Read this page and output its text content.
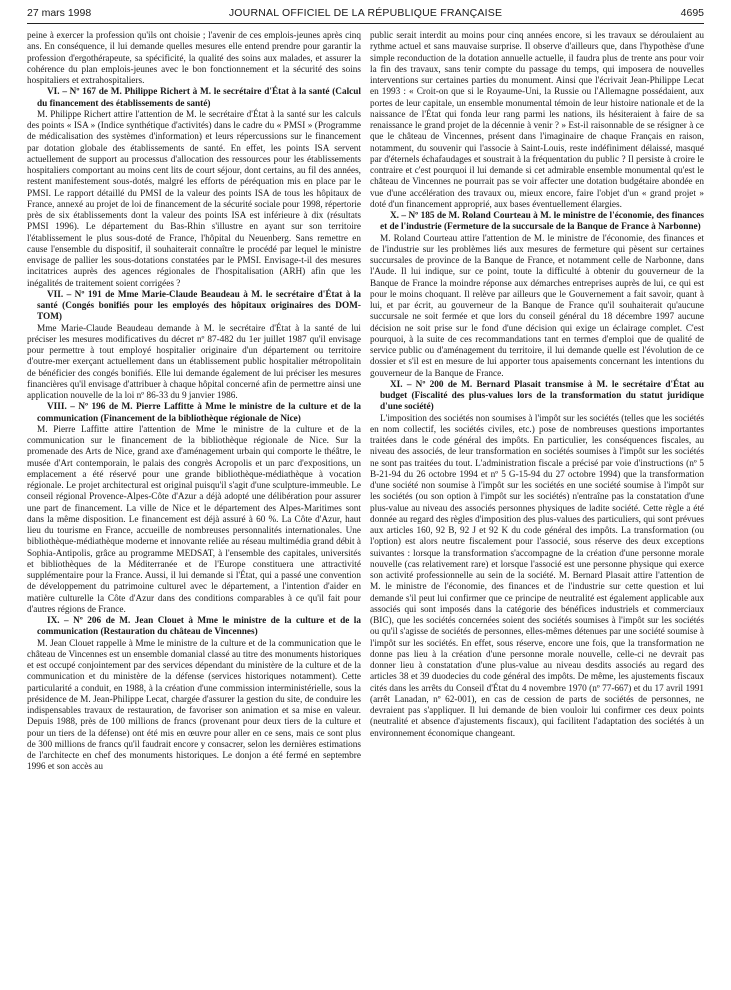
27 mars 1998	JOURNAL OFFICIEL DE LA RÉPUBLIQUE FRANÇAISE	4695

peine à exercer la profession qu'ils ont choisie ; l'avenir de ces emplois-jeunes après cinq ans. En conséquence, il lui demande quelles mesures elle entend prendre pour garantir la profession d'ergothérapeute, sa spécificité, la qualité des soins aux malades, et assurer la cohérence du plan emplois-jeunes avec le bon fonctionnement et la sécurité des soins hospitaliers et extrahospitaliers.

VI. – Nº 167 de M. Philippe Richert à M. le secrétaire d'État à la santé (Calcul du financement des établissements de santé)

M. Philippe Richert attire l'attention de M. le secrétaire d'État à la santé sur les calculs des points « ISA » (Indice synthétique d'activités) dans le cadre du « PMSI » (Programme de médicalisation des systèmes d'information) et leurs répercussions sur le financement par dotation globale des établissements de santé. En effet, les points ISA servent actuellement de support au processus d'allocation des ressources pour les établissements hospitaliers comportant au moins cent lits de court séjour, dont certains, au fil des années, restent manifestement sous-dotés, malgré les efforts de péréquation mis en place par le PMSI. Le rapport détaillé du PMSI de la valeur des points ISA de tous les hôpitaux de France, annexé au projet de loi de financement de la sécurité sociale pour 1998, répertorie près de six établissements dont la valeur des points ISA est inférieure à dix (résultats PMSI 1996). Le département du Bas-Rhin s'illustre en ayant sur son territoire l'établissement le plus sous-doté de France, l'hôpital du Neuenberg. Sans remettre en cause l'ensemble du dispositif, il souhaiterait connaître le procédé par lequel le ministre envisage de pallier les sous-dotations constatées par le PMSI. Envisage-t-il des mesures incitatrices auprès des agences régionales de l'hospitalisation (ARH) afin que les inégalités de traitement soient corrigées ?

VII. – Nº 191 de Mme Marie-Claude Beaudeau à M. le secrétaire d'État à la santé (Congés bonifiés pour les employés des hôpitaux originaires des DOM-TOM)

Mme Marie-Claude Beaudeau demande à M. le secrétaire d'État à la santé de lui préciser les mesures modificatives du décret nº 87-482 du 1er juillet 1987 qu'il envisage pour permettre à tout employé hospitalier originaire d'un département ou territoire d'outre-mer exerçant actuellement dans un établissement public hospitalier métropolitain de bénéficier des congés bonifiés. Elle lui demande également de lui préciser les mesures financières qu'il envisage d'attribuer à chaque hôpital concerné afin de permettre ainsi une application nouvelle de la loi nº 86-33 du 9 janvier 1986.

VIII. – Nº 196 de M. Pierre Laffitte à Mme le ministre de la culture et de la communication (Financement de la bibliothèque régionale de Nice)

M. Pierre Laffitte attire l'attention de Mme le ministre de la culture et de la communication sur le financement de la bibliothèque régionale de Nice. Sur la promenade des Arts de Nice, grand axe d'aménagement urbain qui comporte le théâtre, le musée d'Art contemporain, le palais des congrès Acropolis et un parc d'expositions, un emplacement a été réservé pour une grande bibliothèque-médiathèque à vocation régionale. Le projet architectural est original puisqu'il s'agit d'une sculpture-immeuble. Le conseil régional Provence-Alpes-Côte d'Azur a déjà adopté une délibération pour assurer une part de financement. La ville de Nice et le département des Alpes-Maritimes sont dans la même disposition. Le financement est déjà assuré à 60 %. La Côte d'Azur, haut lieu du tourisme en France, accueille de nombreuses personnalités internationales. Une bibliothèque-médiathèque moderne et innovante reliée au réseau multimédia grand débit à Sophia-Antipolis, grâce au programme MEDSAT, à l'ensemble des capitales, universités et bibliothèques de la Méditerranée et de l'Europe constituera une attractivité supplémentaire pour la France. Aussi, il lui demande si l'État, qui a passé une convention de développement du patrimoine culturel avec le département, a l'intention d'aider en matière culturelle la Côte d'Azur dans des conditions comparables à ce qu'il fait pour d'autres régions de France.

IX. – Nº 206 de M. Jean Clouet à Mme le ministre de la culture et de la communication (Restauration du château de Vincennes)

M. Jean Clouet rappelle à Mme le ministre de la culture et de la communication que le château de Vincennes est un ensemble domanial classé au titre des monuments historiques et est occupé conjointement par des services dépendant du ministère de la culture et de la communication et du ministère de la défense (services historiques notamment). Cette particularité a conduit, en 1988, à la création d'une commission interministérielle, sous la présidence de M. Jean-Philippe Lecat, chargée d'assurer la gestion du site, de conduire les indispensables travaux de restauration, de favoriser son animation et sa mise en valeur. Depuis 1988, près de 100 millions de francs (provenant pour deux tiers de la culture et pour un tiers de la défense) ont été mis en œuvre pour aller en ce sens, mais ce sont plus de 300 millions de francs qu'il faudrait encore y consacrer, selon les dernières estimations de l'architecte en chef des monuments historiques. Le donjon a été fermé en septembre 1996 et son accès au

public serait interdit au moins pour cinq années encore, si les travaux se déroulaient au rythme actuel et sans mauvaise surprise. Il observe d'ailleurs que, dans l'hypothèse d'une simple reconduction de la dotation annuelle actuelle, il faudra plus de trente ans pour voir la fin des travaux, sans tenir compte du passage du temps, qui imposera de nouvelles interventions sur certaines parties du monument. Ainsi que l'écrivait Jean-Philippe Lecat en 1993 : « Croit-on que si le Royaume-Uni, la Russie ou l'Allemagne possédaient, aux portes de leur capitale, un ensemble monumental témoin de leur histoire nationale et de la naissance de l'État qui fonda leur rang parmi les nations, ils hésiteraient à faire de sa renaissance le grand projet de la décennie à venir ? » Est-il raisonnable de se résigner à ce que le château de Vincennes, présent dans l'imaginaire de chaque Français en raison, notamment, du souvenir qui l'associe à Saint-Louis, reste indéfiniment délaissé, masqué par d'éternels échafaudages et soustrait à la fréquentation du public ? Il persiste à croire le contraire et c'est pourquoi il lui demande si cet admirable ensemble monumental qu'est le château de Vincennes ne pourrait pas se voir affecter une dotation budgétaire abondée en vue d'une accélération des travaux ou, mieux encore, faire l'objet d'un « grand projet » doté d'un financement approprié, aux bases éventuellement élargies.

X. – Nº 185 de M. Roland Courteau à M. le ministre de l'économie, des finances et de l'industrie (Fermeture de la succursale de la Banque de France à Narbonne)

M. Roland Courteau attire l'attention de M. le ministre de l'économie, des finances et de l'industrie sur les problèmes liés aux mesures de fermeture qui pèsent sur certaines succursales de province de la Banque de France, et notamment celle de Narbonne, dans l'Aude. Il lui indique, sur ce point, toute la difficulté à obtenir du gouverneur de la Banque de France la moindre réponse aux démarches entreprises auprès de lui, ce qui est pour le moins choquant. Il relève par ailleurs que le Gouvernement a fait savoir, quant à lui, et par écrit, au gouverneur de la Banque de France qu'il souhaiterait qu'aucune succursale ne soit fermée et que lors du conseil général du 18 décembre 1997 aucune décision ne soit prise sur le fond d'une décision qui exige un éclairage complet. C'est pourquoi, à la suite de ces recommandations tant en termes d'emploi que de qualité de service public ou d'aménagement du territoire, il lui demande quelle est l'évolution de ce dossier et s'il est en mesure de lui apporter tous apaisements concernant les intentions du gouverneur de la Banque de France.

XI. – Nº 200 de M. Bernard Plasait transmise à M. le secrétaire d'État au budget (Fiscalité des plus-values lors de la transformation du statut juridique d'une société)

L'imposition des sociétés non soumises à l'impôt sur les sociétés (telles que les sociétés en nom collectif, les sociétés civiles, etc.) pose de nombreuses questions importantes traitées dans le code général des impôts. En particulier, les conséquences fiscales, au niveau des associés, de leur transformation en sociétés soumises à l'impôt sur les sociétés ne sont pas traitées du tout. L'administration fiscale a précisé par voie d'instructions (nº 5 B-21-94 du 26 octobre 1994 et nº 5 G-15-94 du 27 octobre 1994) que la transformation d'une société non soumise à l'impôt sur les sociétés en une société soumise à l'impôt sur les sociétés (ou son option à l'impôt sur les sociétés) n'entraîne pas la constatation d'une plus-value au niveau des associés personnes physiques de ladite société. Cette règle a été donnée au regard des règles d'imposition des plus-values des particuliers, qui sont prévues aux articles 160, 92 B, 92 J et 92 K du code général des impôts. La transformation (ou l'option) est alors neutre fiscalement pour l'associé, sous réserve des deux exceptions suivantes : lorsque la transformation s'accompagne de la création d'une personne morale nouvelle (cas relativement rare) et lorsque l'associé est une personne physique qui exerce son activité professionnelle au sein de la société. M. Bernard Plasait attire l'attention de M. le ministre de l'économie, des finances et de l'industrie sur cette question et lui demande s'il peut lui confirmer que ce principe de neutralité est également applicable aux associés qui sont imposés dans la catégorie des bénéfices industriels et commerciaux (BIC), que les sociétés concernées soient des sociétés soumises à l'impôt sur les sociétés ou qu'il s'agisse de sociétés de personnes, elles-mêmes détenues par une société soumise à l'impôt sur les sociétés. En effet, sous réserve, encore une fois, que la transformation ne donne pas lieu à la création d'une personne morale nouvelle, celle-ci ne devrait pas donner lieu à constatation d'une plus-value au niveau desdits associés au regard des articles 38 et 39 duodecies du code général des impôts. De même, les ajustements fiscaux cités dans les arrêts du Conseil d'État du 4 novembre 1970 (nº 77-667) et du 17 avril 1991 (arrêt Lanadan, nº 62-001), en cas de cession de parts de sociétés de personnes, ne devraient pas s'appliquer. Il lui demande de bien vouloir lui confirmer ces deux points (neutralité et absence d'ajustements fiscaux), qui facilitent l'adaptation des sociétés à un environnement économique changeant.
